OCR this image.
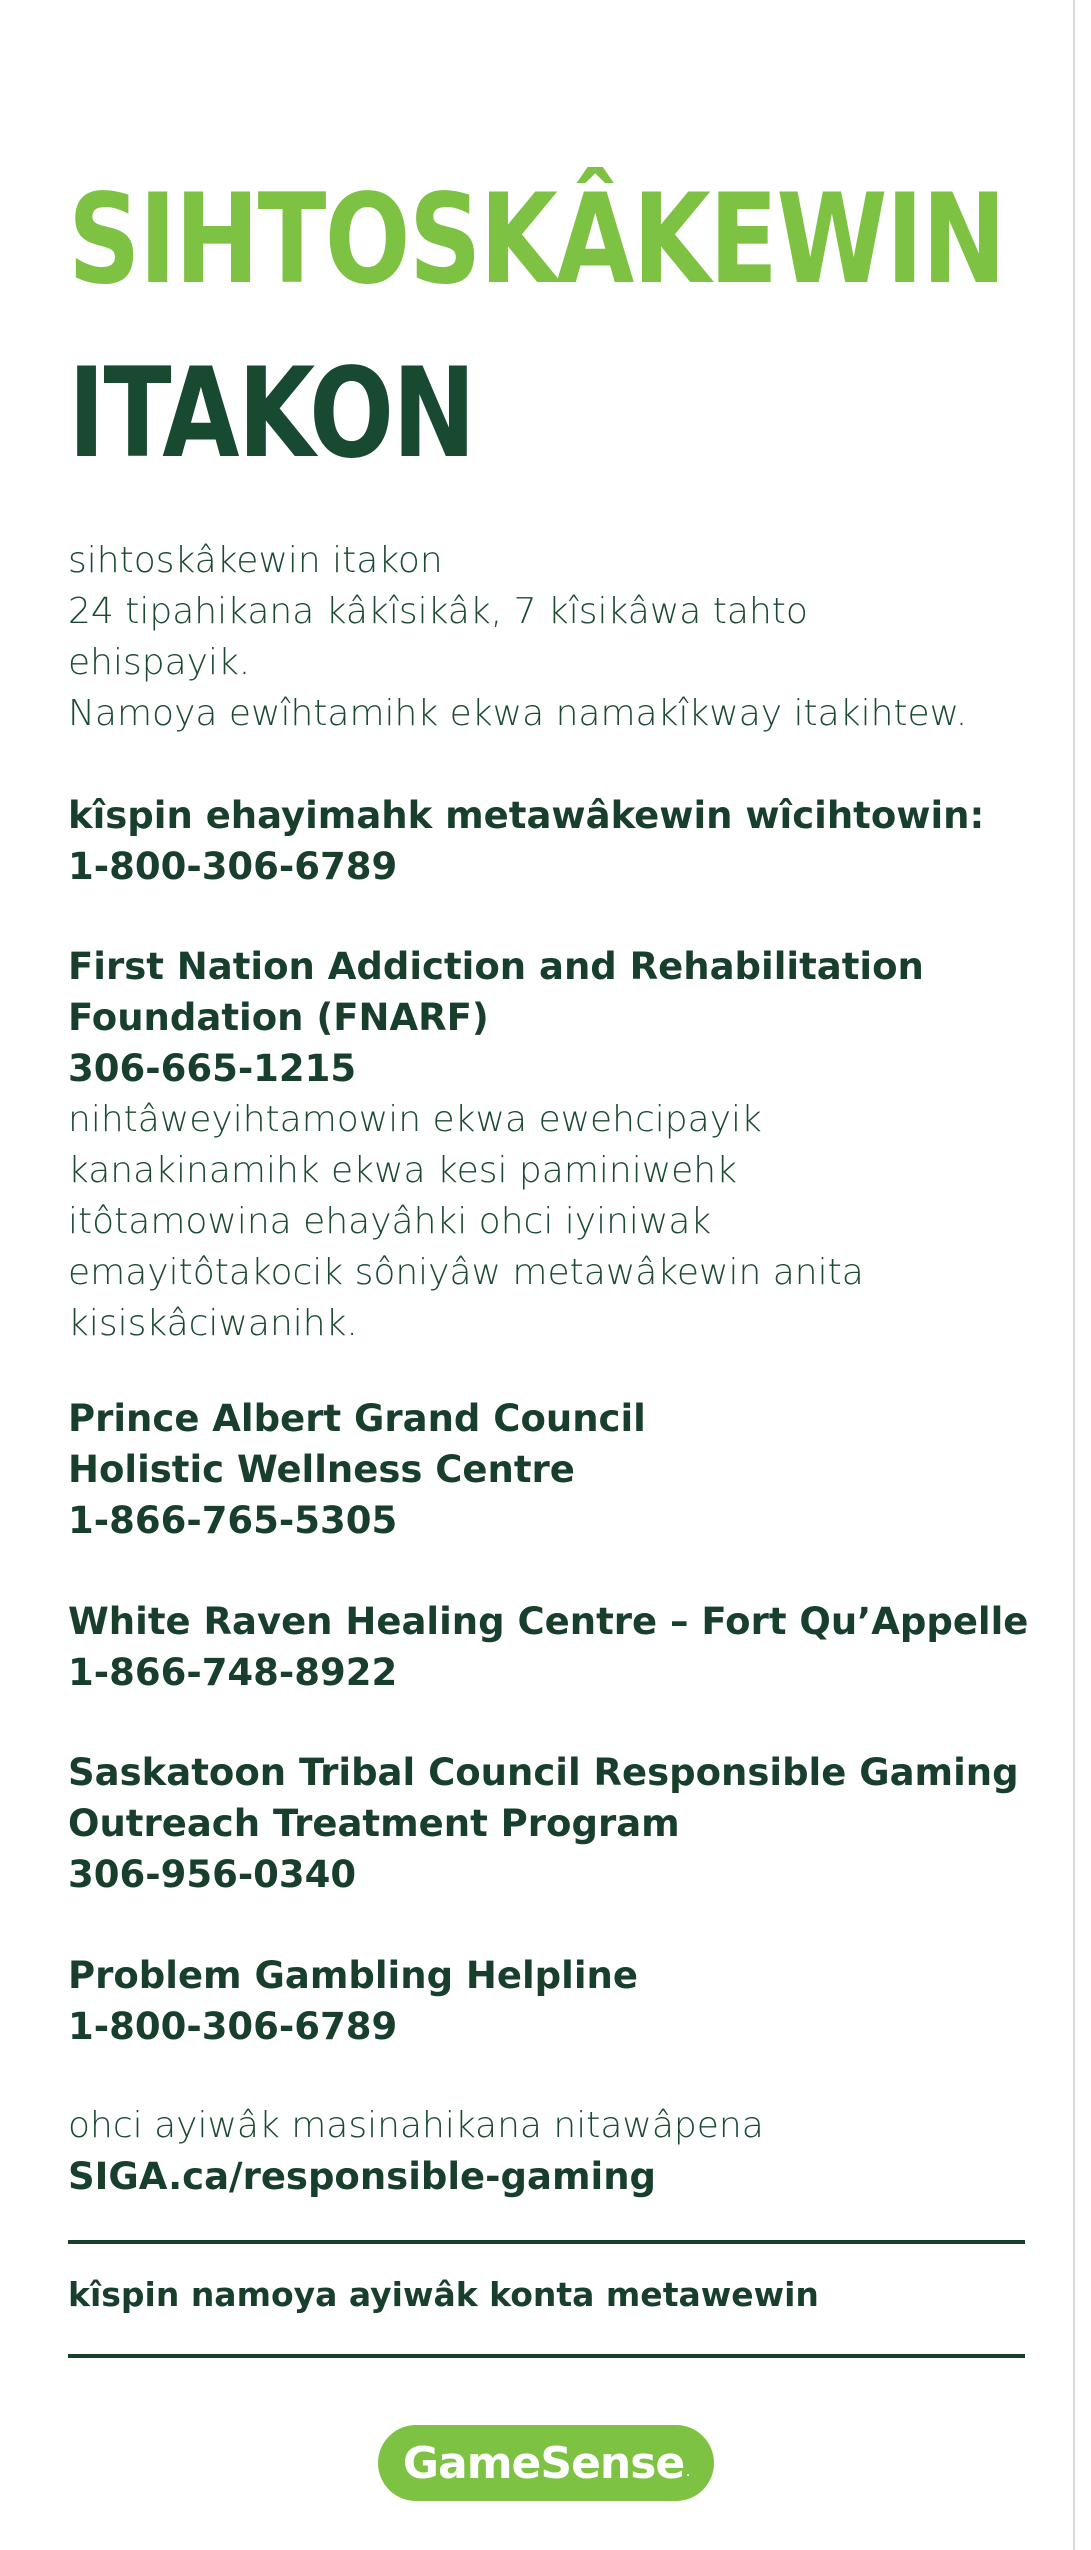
SIHTOSKÂKEWIN
ITAKON
sihtoskâkewin itakon
24 tipahikana kâkîsikâk, 7 kîsikâwa tahto
ehispayik.
Namoya ewîhtamihk ekwa namakîkway itakihtew.
kîspin ehayimahk metawâkewin wîcihtowin:
1-800-306-6789
First Nation Addiction and Rehabilitation
Foundation (FNARF)
306-665-1215
nihtâweyihtamowin ekwa ewehcipayik
kanakinamihk ekwa kesi paminiwehk
itôtamowina ehayâhki ohci iyiniwak
emayitôtakocik sôniyâw metawâkewin anita
kisiskâciwanihk.
Prince Albert Grand Council
Holistic Wellness Centre
1-866-765-5305
White Raven Healing Centre – Fort Qu’Appelle
1-866-748-8922
Saskatoon Tribal Council Responsible Gaming
Outreach Treatment Program
306-956-0340
Problem Gambling Helpline
1-800-306-6789
ohci ayiwâk masinahikana nitawâpena
SIGA.ca/responsible-gaming
kîspin namoya ayiwâk konta metawewin
GameSense .
